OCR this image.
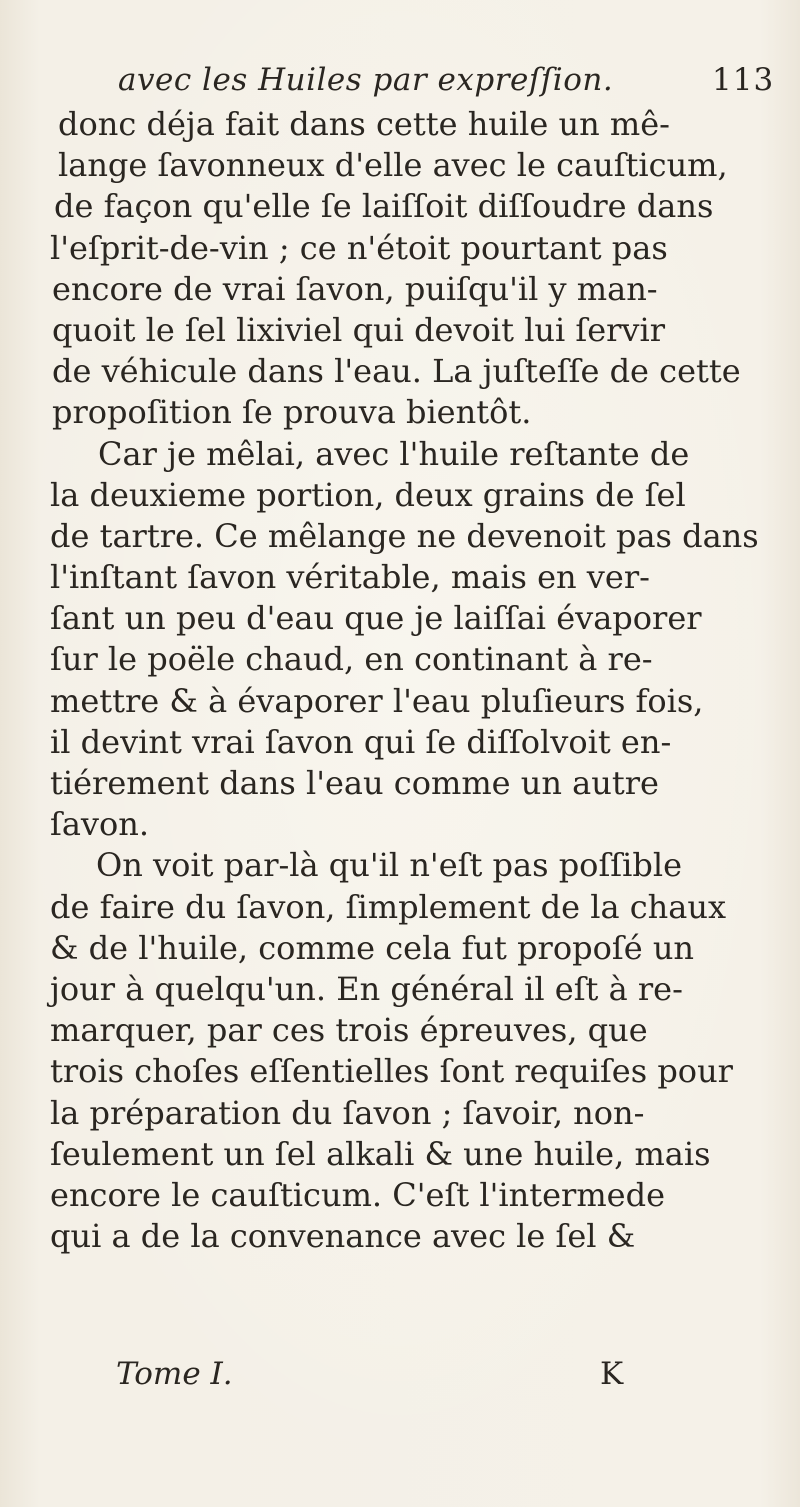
avec les Huiles par expreſſion.	113
donc déja fait dans cette huile un mê-
lange ſavonneux d'elle avec le cauſticum,
de façon qu'elle ſe laiſſoit diſſoudre dans
l'eſprit-de-vin ; ce n'étoit pourtant pas
encore de vrai ſavon, puiſqu'il y man-
quoit le ſel lixiviel qui devoit lui ſervir
de véhicule dans l'eau. La juſteſſe de cette
propoſition ſe prouva bientôt.
Car je mêlai, avec l'huile reſtante de
la deuxieme portion, deux grains de ſel
de tartre. Ce mêlange ne devenoit pas dans
l'inſtant ſavon véritable, mais en ver-
ſant un peu d'eau que je laiſſai évaporer
ſur le poële chaud, en continant à re-
mettre & à évaporer l'eau pluſieurs fois,
il devint vrai ſavon qui ſe diſſolvoit en-
tiérement dans l'eau comme un autre
ſavon.
On voit par-là qu'il n'eſt pas poſſible
de faire du ſavon, ſimplement de la chaux
& de l'huile, comme cela fut propoſé un
jour à quelqu'un. En général il eſt à re-
marquer, par ces trois épreuves, que
trois choſes eſſentielles ſont requiſes pour
la préparation du ſavon ; ſavoir, non-
ſeulement un ſel alkali & une huile, mais
encore le cauſticum. C'eſt l'intermede
qui a de la convenance avec le ſel &
Tome I.	K
